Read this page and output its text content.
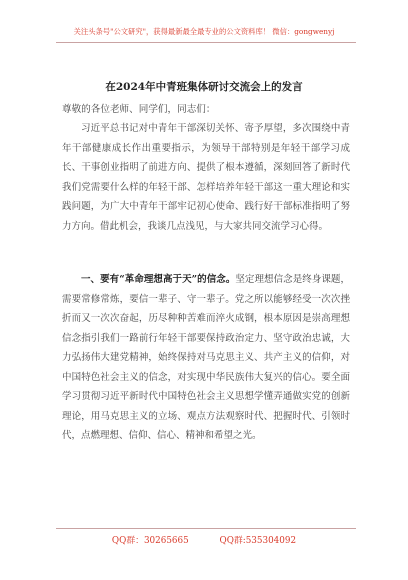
关注头条号"公文研究"，获得最新最全最专业的公文资料库！ 微信：gongwenyj
在2024年中青班集体研讨交流会上的发言
尊敬的各位老师、同学们，同志们：

习近平总书记对中青年干部深切关怀、寄予厚望，多次围绕中青年干部健康成长作出重要指示，为领导干部特别是年轻干部学习成长、干事创业指明了前进方向、提供了根本遵循，深刻回答了新时代我们党需要什么样的年轻干部、怎样培养年轻干部这一重大理论和实践问题，为广大中青年干部牢记初心使命、践行好干部标准指明了努力方向。借此机会，我谈几点浅见，与大家共同交流学习心得。

一、要有“革命理想高于天”的信念。坚定理想信念是终身课题，需要常修常炼，要信一辈子、守一辈子。党之所以能够经受一次次挫折而又一次次奋起，历尽种种苦难而淬火成钢，根本原因是崇高理想信念指引我们一路前行年轻干部要保持政治定力、坚守政治忠诚，大力弘扬伟大建党精神，始终保持对马克思主义、共产主义的信仰，对中国特色社会主义的信念，对实现中华民族伟大复兴的信心。要全面学习贯彻习近平新时代中国特色社会主义思想学懂弄通做实党的创新理论，用马克思主义的立场、观点方法观察时代、把握时代、引领时代，点燃理想、信仰、信心、精神和希望之光。

QQ群：30265665	QQ群:535304092
